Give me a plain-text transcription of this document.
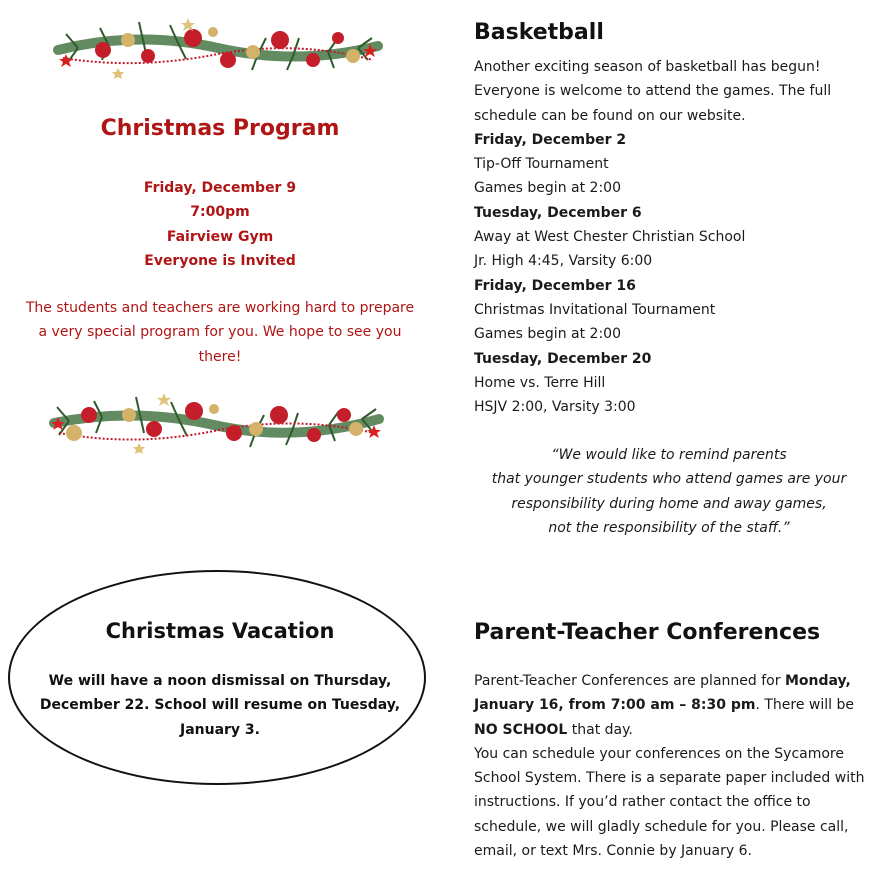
Christmas Program
Friday, December 9
7:00pm
Fairview Gym
Everyone is Invited
The students and teachers are working hard to prepare a very special program for you. We hope to see you there!
Basketball
Another exciting season of basketball has begun! Everyone is welcome to attend the games. The full schedule can be found on our website.
Friday, December 2
Tip-Off Tournament
Games begin at 2:00
Tuesday, December 6
Away at West Chester Christian School
Jr. High 4:45, Varsity 6:00
Friday, December 16
Christmas Invitational Tournament
Games begin at 2:00
Tuesday, December 20
Home vs. Terre Hill
HSJV 2:00, Varsity 3:00
“We would like to remind parents
that younger students who attend games are your
responsibility during home and away games,
not the responsibility of the staff.”
Christmas Vacation
We will have a noon dismissal on Thursday, December 22. School will resume on Tuesday, January 3.
Parent-Teacher Conferences
Parent-Teacher Conferences are planned for Monday, January 16, from 7:00 am – 8:30 pm. There will be NO SCHOOL that day.
You can schedule your conferences on the Sycamore School System. There is a separate paper included with instructions. If you’d rather contact the office to schedule, we will gladly schedule for you. Please call, email, or text Mrs. Connie by January 6.
